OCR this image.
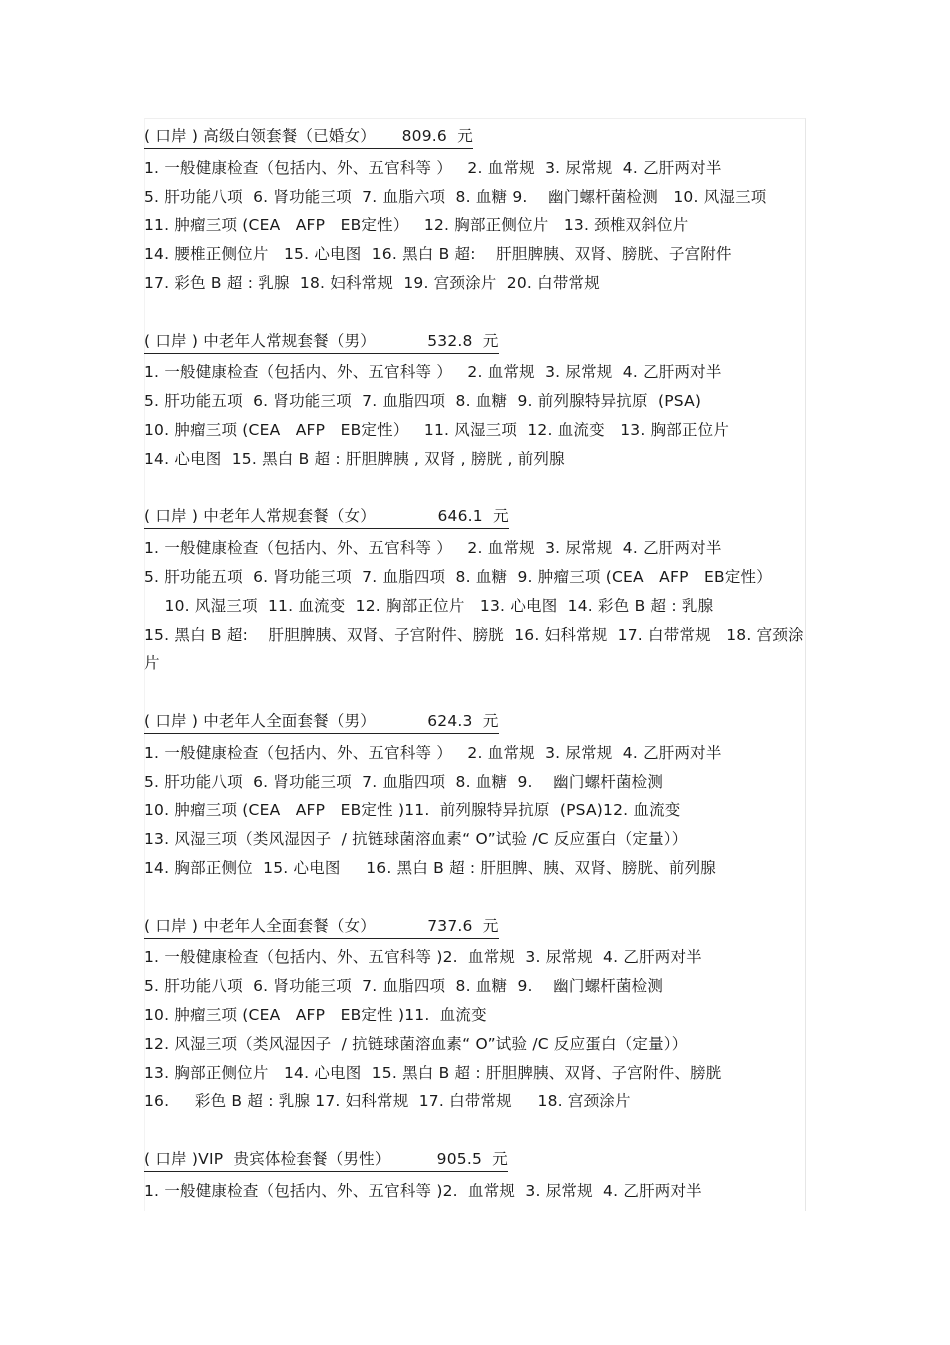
( 口岸 ) 高级白领套餐（已婚女）     809.6  元
1. 一般健康检查（包括内、外、五官科等 ）   2. 血常规  3. 尿常规  4. 乙肝两对半
5. 肝功能八项  6. 肾功能三项  7. 血脂六项  8. 血糖 9.    幽门螺杆菌检测   10. 风湿三项
11. 肿瘤三项 (CEA   AFP   EB定性）   12. 胸部正侧位片   13. 颈椎双斜位片
14. 腰椎正侧位片   15. 心电图  16. 黑白 B 超:    肝胆脾胰、双肾、膀胱、子宫附件
17. 彩色 B 超 : 乳腺  18. 妇科常规  19. 宫颈涂片  20. 白带常规
( 口岸 ) 中老年人常规套餐（男）          532.8  元
1. 一般健康检查（包括内、外、五官科等 ）   2. 血常规  3. 尿常规  4. 乙肝两对半
5. 肝功能五项  6. 肾功能三项  7. 血脂四项  8. 血糖  9. 前列腺特异抗原  (PSA)
10. 肿瘤三项 (CEA   AFP   EB定性）   11. 风湿三项  12. 血流变   13. 胸部正位片
14. 心电图  15. 黑白 B 超 : 肝胆脾胰 , 双肾 , 膀胱 , 前列腺
( 口岸 ) 中老年人常规套餐（女）            646.1  元
1. 一般健康检查（包括内、外、五官科等 ）   2. 血常规  3. 尿常规  4. 乙肝两对半
5. 肝功能五项  6. 肾功能三项  7. 血脂四项  8. 血糖  9. 肿瘤三项 (CEA   AFP   EB定性）
10. 风湿三项  11. 血流变  12. 胸部正位片   13. 心电图  14. 彩色 B 超 : 乳腺
15. 黑白 B 超:    肝胆脾胰、双肾、子宫附件、膀胱  16. 妇科常规  17. 白带常规   18. 宫颈涂片
( 口岸 ) 中老年人全面套餐（男）          624.3  元
1. 一般健康检查（包括内、外、五官科等 ）   2. 血常规  3. 尿常规  4. 乙肝两对半
5. 肝功能八项  6. 肾功能三项  7. 血脂四项  8. 血糖  9.    幽门螺杆菌检测
10. 肿瘤三项 (CEA   AFP   EB定性 )11.  前列腺特异抗原  (PSA)12. 血流变
13. 风湿三项（类风湿因子  / 抗链球菌溶血素“ O”试验 /C 反应蛋白（定量））
14. 胸部正侧位  15. 心电图     16. 黑白 B 超 : 肝胆脾、胰、双肾、膀胱、前列腺
( 口岸 ) 中老年人全面套餐（女）          737.6  元
1. 一般健康检查（包括内、外、五官科等 )2.  血常规  3. 尿常规  4. 乙肝两对半
5. 肝功能八项  6. 肾功能三项  7. 血脂四项  8. 血糖  9.    幽门螺杆菌检测
10. 肿瘤三项 (CEA   AFP   EB定性 )11.  血流变
12. 风湿三项（类风湿因子  / 抗链球菌溶血素“ O”试验 /C 反应蛋白（定量））
13. 胸部正侧位片   14. 心电图  15. 黑白 B 超 : 肝胆脾胰、双肾、子宫附件、膀胱
16.     彩色 B 超 : 乳腺 17. 妇科常规  17. 白带常规     18. 宫颈涂片
( 口岸 )VIP  贵宾体检套餐（男性）         905.5  元
1. 一般健康检查（包括内、外、五官科等 )2.  血常规  3. 尿常规  4. 乙肝两对半
